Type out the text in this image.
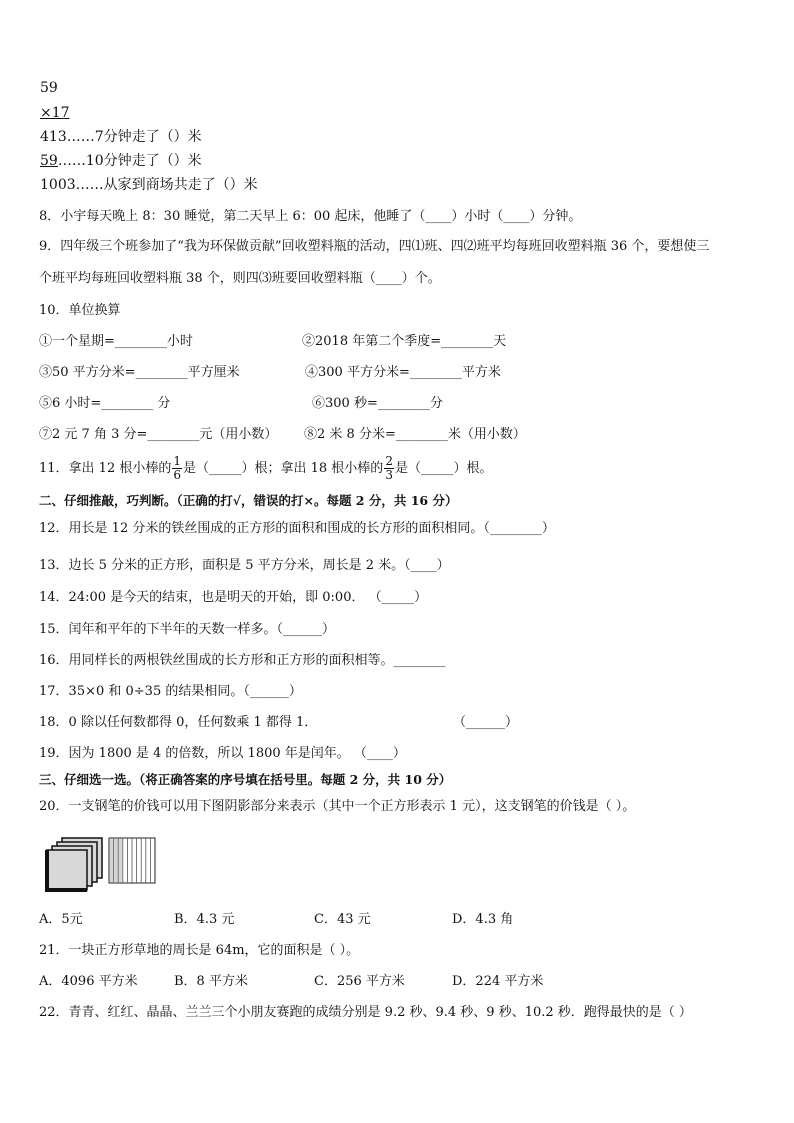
59
×17
413……7分钟走了（）米
59……10分钟走了（）米
1003……从家到商场共走了（）米
8．小宇每天晚上 8：30 睡觉，第二天早上 6：00 起床，他睡了（____）小时（____）分钟。
9．四年级三个班参加了“我为环保做贡献”回收塑料瓶的活动，四⑴班、四⑵班平均每班回收塑料瓶 36 个，要想使三
个班平均每班回收塑料瓶 38 个，则四⑶班要回收塑料瓶（____）个。
10．单位换算
①一个星期=________小时	②2018 年第二个季度=________天
③50 平方分米=________平方厘米	④300 平方分米=________平方米
⑤6 小时=________ 分	⑥300 秒=________分
⑦2 元 7 角 3 分=________元（用小数） ⑧2 米 8 分米=________米（用小数）
11．拿出 12 根小棒的 $\frac{1}{6}$ 是（_____）根；拿出 18 根小棒的 $\frac{2}{3}$ 是（_____）根。
二、仔细推敲，巧判断。（正确的打√，错误的打×。每题 2 分，共 16 分）
12．用长是 12 分米的铁丝围成的正方形的面积和围成的长方形的面积相同。（________）
13．边长 5 分米的正方形，面积是 5 平方分米，周长是 2 米。（____）
14．24:00 是今天的结束，也是明天的开始，即 0:00． （_____）
15．闰年和平年的下半年的天数一样多。（______）
16．用同样长的两根铁丝围成的长方形和正方形的面积相等。________
17．35×0 和 0÷35 的结果相同。（______）
18．0 除以任何数都得 0，任何数乘 1 都得 1．	（______）
19．因为 1800 是 4 的倍数，所以 1800 年是闰年。 （____）
三、仔细选一选。（将正确答案的序号填在括号里。每题 2 分，共 10 分）
20．一支钢笔的价钱可以用下图阴影部分来表示（其中一个正方形表示 1 元），这支钢笔的价钱是（ ）。
A．5元	B．4.3 元	C．43 元	D．4.3 角
21．一块正方形草地的周长是 64m，它的面积是（ ）。
A．4096 平方米	B．8 平方米	C．256 平方米	D．224 平方米
22．青青、红红、晶晶、兰兰三个小朋友赛跑的成绩分别是 9.2 秒、9.4 秒、9 秒、10.2 秒．跑得最快的是（ ）
